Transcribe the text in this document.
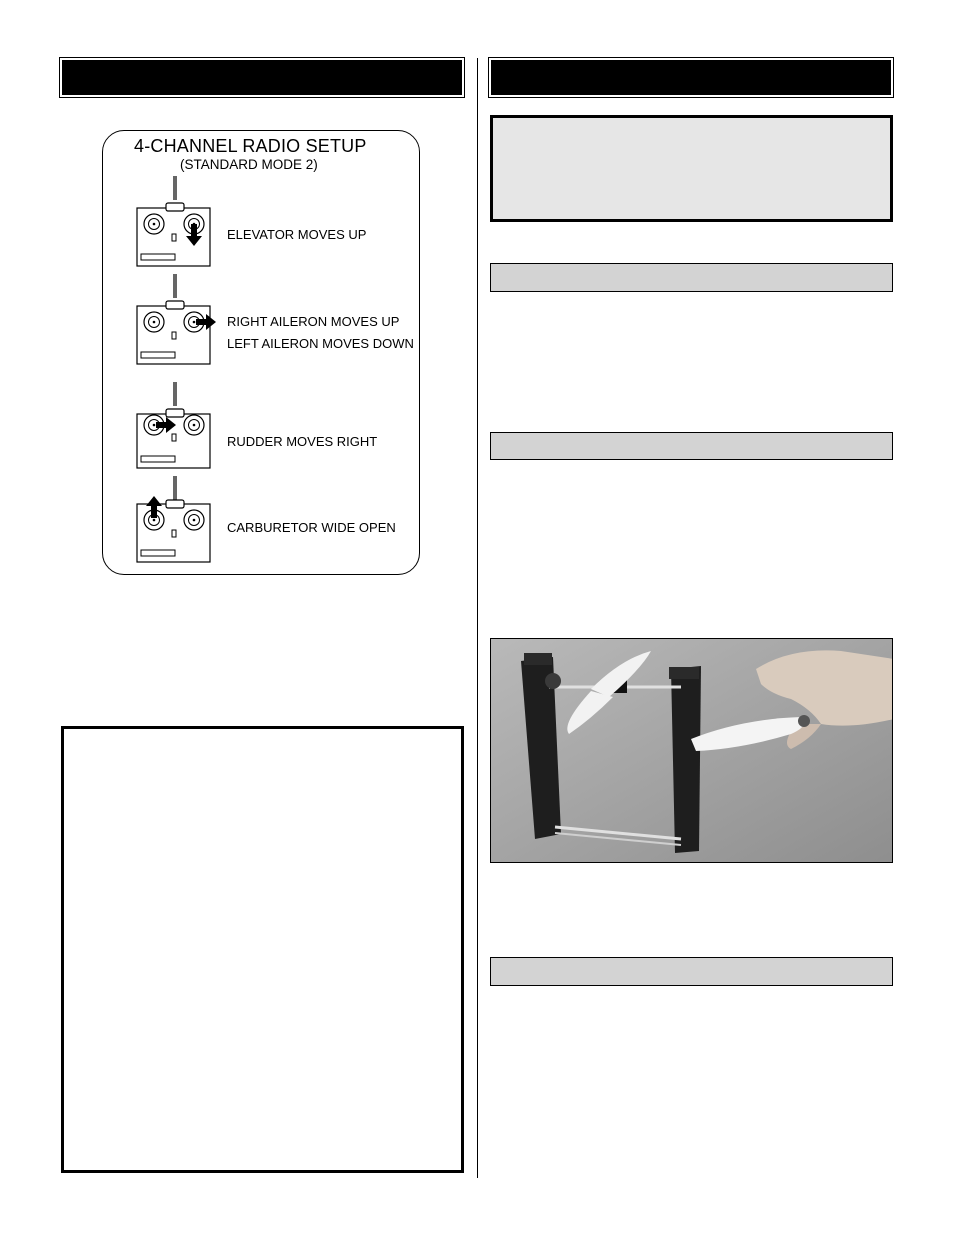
4-CHANNEL RADIO SETUP
(STANDARD MODE 2)
ELEVATOR MOVES UP
RIGHT AILERON MOVES UP
LEFT AILERON MOVES DOWN
RUDDER MOVES RIGHT
CARBURETOR WIDE OPEN
